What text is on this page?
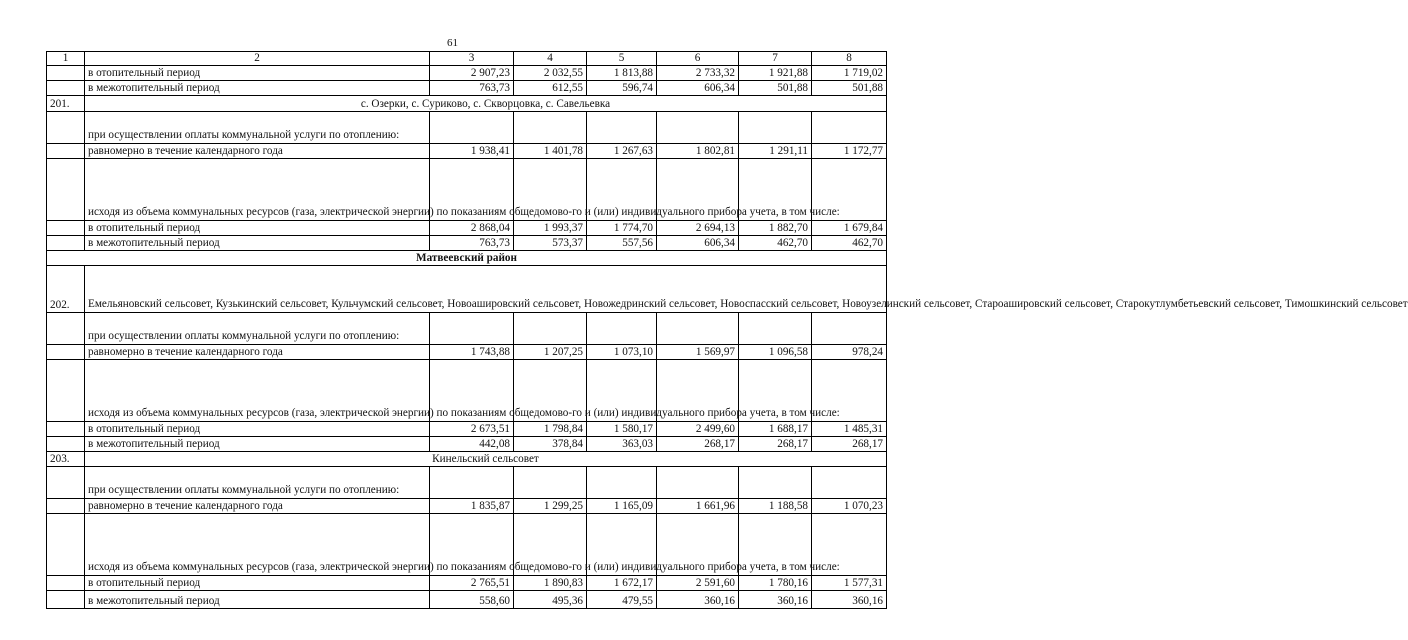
61
1	2	3	4	5	6	7	8
	в отопительный период	2 907,23	2 032,55	1 813,88	2 733,32	1 921,88	1 719,02
	в межотопительный период	763,73	612,55	596,74	606,34	501,88	501,88
201.	с. Озерки, с. Суриково, с. Скворцовка, с. Савельевка						
	при осуществлении оплаты коммунальной услуги по отоплению:						
	равномерно в течение календарного года	1 938,41	1 401,78	1 267,63	1 802,81	1 291,11	1 172,77
	исходя из объема коммунальных ресурсов (газа, электрической энергии) по показаниям общедомово-го и (или) индивидуального прибора учета, в том числе:						
	в отопительный период	2 868,04	1 993,37	1 774,70	2 694,13	1 882,70	1 679,84
	в межотопительный период	763,73	573,37	557,56	606,34	462,70	462,70
Матвеевский район							
202.	Емельяновский сельсовет, Кузькинский сельсовет, Кульчумский сельсовет, Новоашировский сельсовет, Новожедринский сельсовет, Новоспасский сельсовет, Новоузелинский сельсовет, Староашировский сельсовет, Старокутлумбетьевский сельсовет, Тимошкинский сельсовет						
	при осуществлении оплаты коммунальной услуги по отоплению:						
	равномерно в течение календарного года	1 743,88	1 207,25	1 073,10	1 569,97	1 096,58	978,24
	исходя из объема коммунальных ресурсов (газа, электрической энергии) по показаниям общедомово-го и (или) индивидуального прибора учета, в том числе:						
	в отопительный период	2 673,51	1 798,84	1 580,17	2 499,60	1 688,17	1 485,31
	в межотопительный период	442,08	378,84	363,03	268,17	268,17	268,17
203.	Кинельский сельсовет						
	при осуществлении оплаты коммунальной услуги по отоплению:						
	равномерно в течение календарного года	1 835,87	1 299,25	1 165,09	1 661,96	1 188,58	1 070,23
	исходя из объема коммунальных ресурсов (газа, электрической энергии) по показаниям общедомово-го и (или) индивидуального прибора учета, в том числе:						
	в отопительный период	2 765,51	1 890,83	1 672,17	2 591,60	1 780,16	1 577,31
	в межотопительный период	558,60	495,36	479,55	360,16	360,16	360,16
